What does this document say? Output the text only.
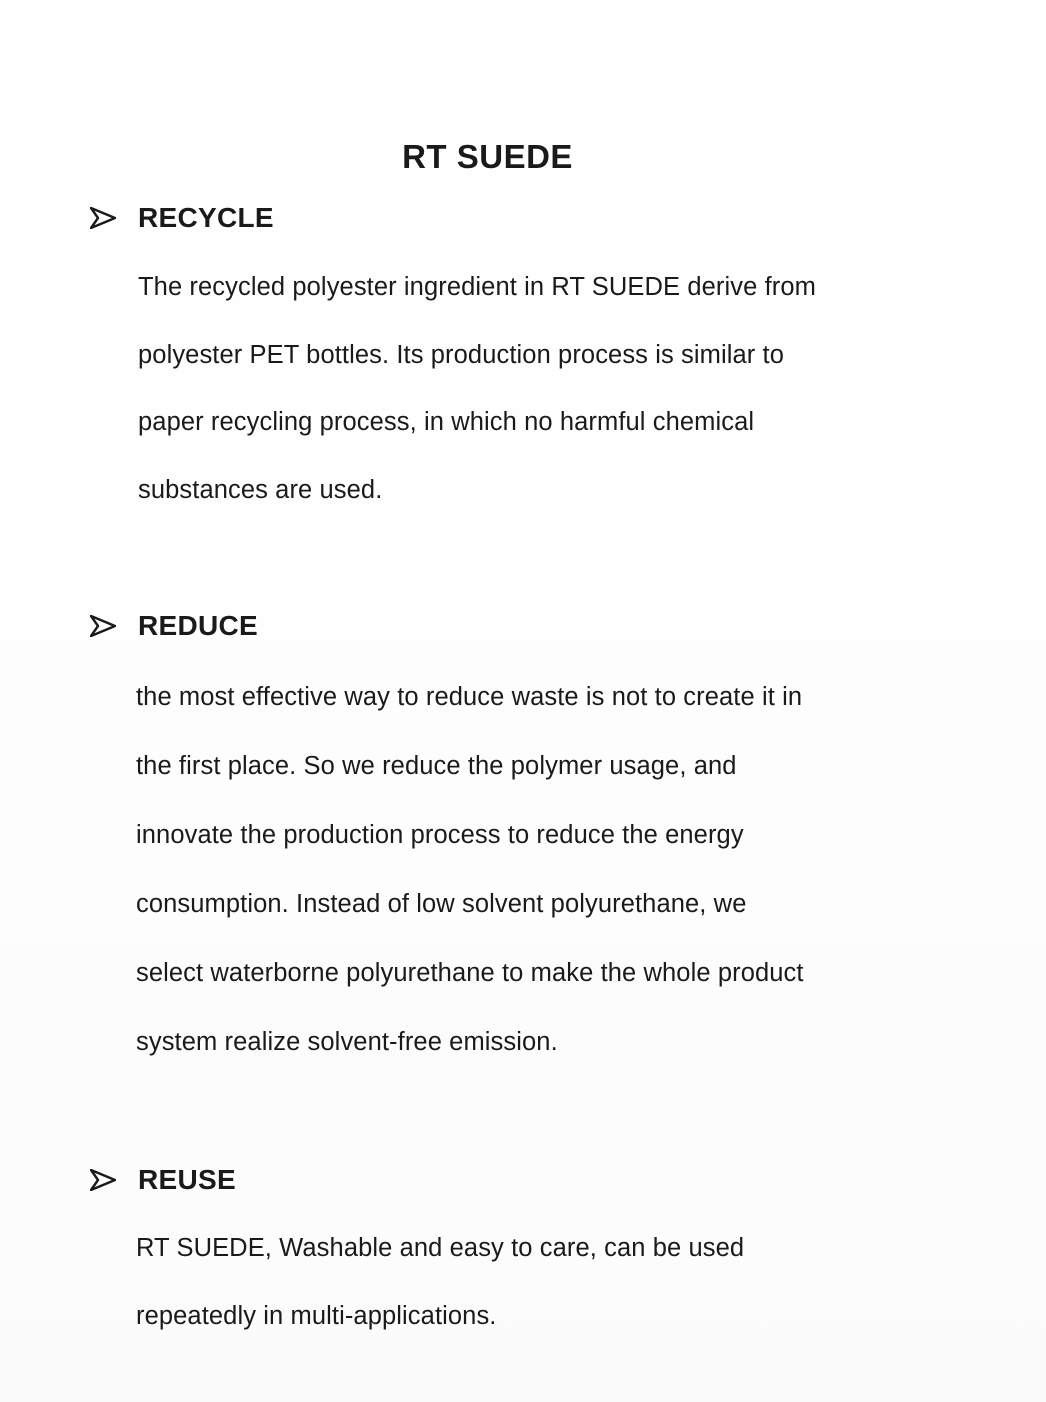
RT SUEDE
RECYCLE
The recycled polyester ingredient in RT SUEDE derive from
polyester PET bottles. Its production process is similar to
paper recycling process, in which no harmful chemical
substances are used.
REDUCE
the most effective way to reduce waste is not to create it in
the first place. So we reduce the polymer usage, and
innovate the production process to reduce the energy
consumption. Instead of low solvent polyurethane, we
select waterborne polyurethane to make the whole product
system realize solvent-free emission.
REUSE
RT SUEDE, Washable and easy to care, can be used
repeatedly in multi-applications.
